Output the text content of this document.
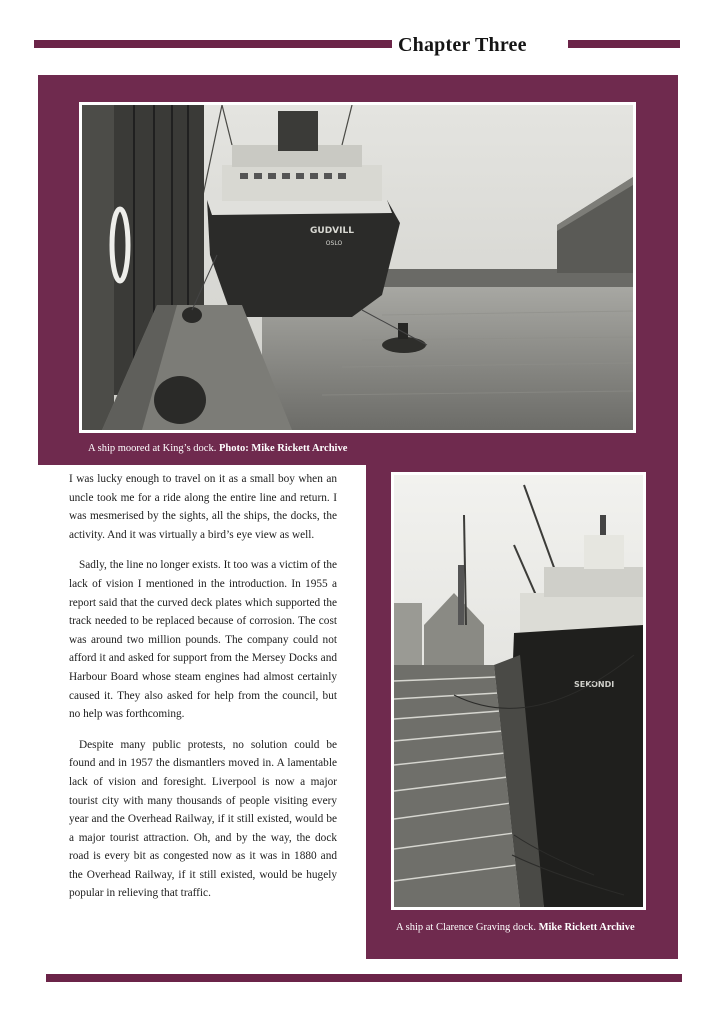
Chapter Three
GUDVILL
OSLO
A ship moored at King’s dock. Photo: Mike Rickett Archive

I was lucky enough to travel on it as a small boy when an uncle took me for a ride along the entire line and return. I was mesmerised by the sights, all the ships, the docks, the activity. And it was virtually a bird’s eye view as well.

Sadly, the line no longer exists. It too was a victim of the lack of vision I mentioned in the introduction. In 1955 a report said that the curved deck plates which supported the track needed to be replaced because of corrosion. The cost was around two million pounds. The company could not afford it and asked for support from the Mersey Docks and Harbour Board whose steam engines had almost certainly caused it. They also asked for help from the council, but no help was forthcoming.

Despite many public protests, no solution could be found and in 1957 the dismantlers moved in. A lamentable lack of vision and foresight. Liverpool is now a major tourist city with many thousands of people visiting every year and the Overhead Railway, if it still existed, would be a major tourist attraction. Oh, and by the way, the dock road is every bit as congested now as it was in 1880 and the Overhead Railway, if it still existed, would be hugely popular in relieving that traffic.

SEKONDI
A ship at Clarence Graving dock. Mike Rickett Archive
